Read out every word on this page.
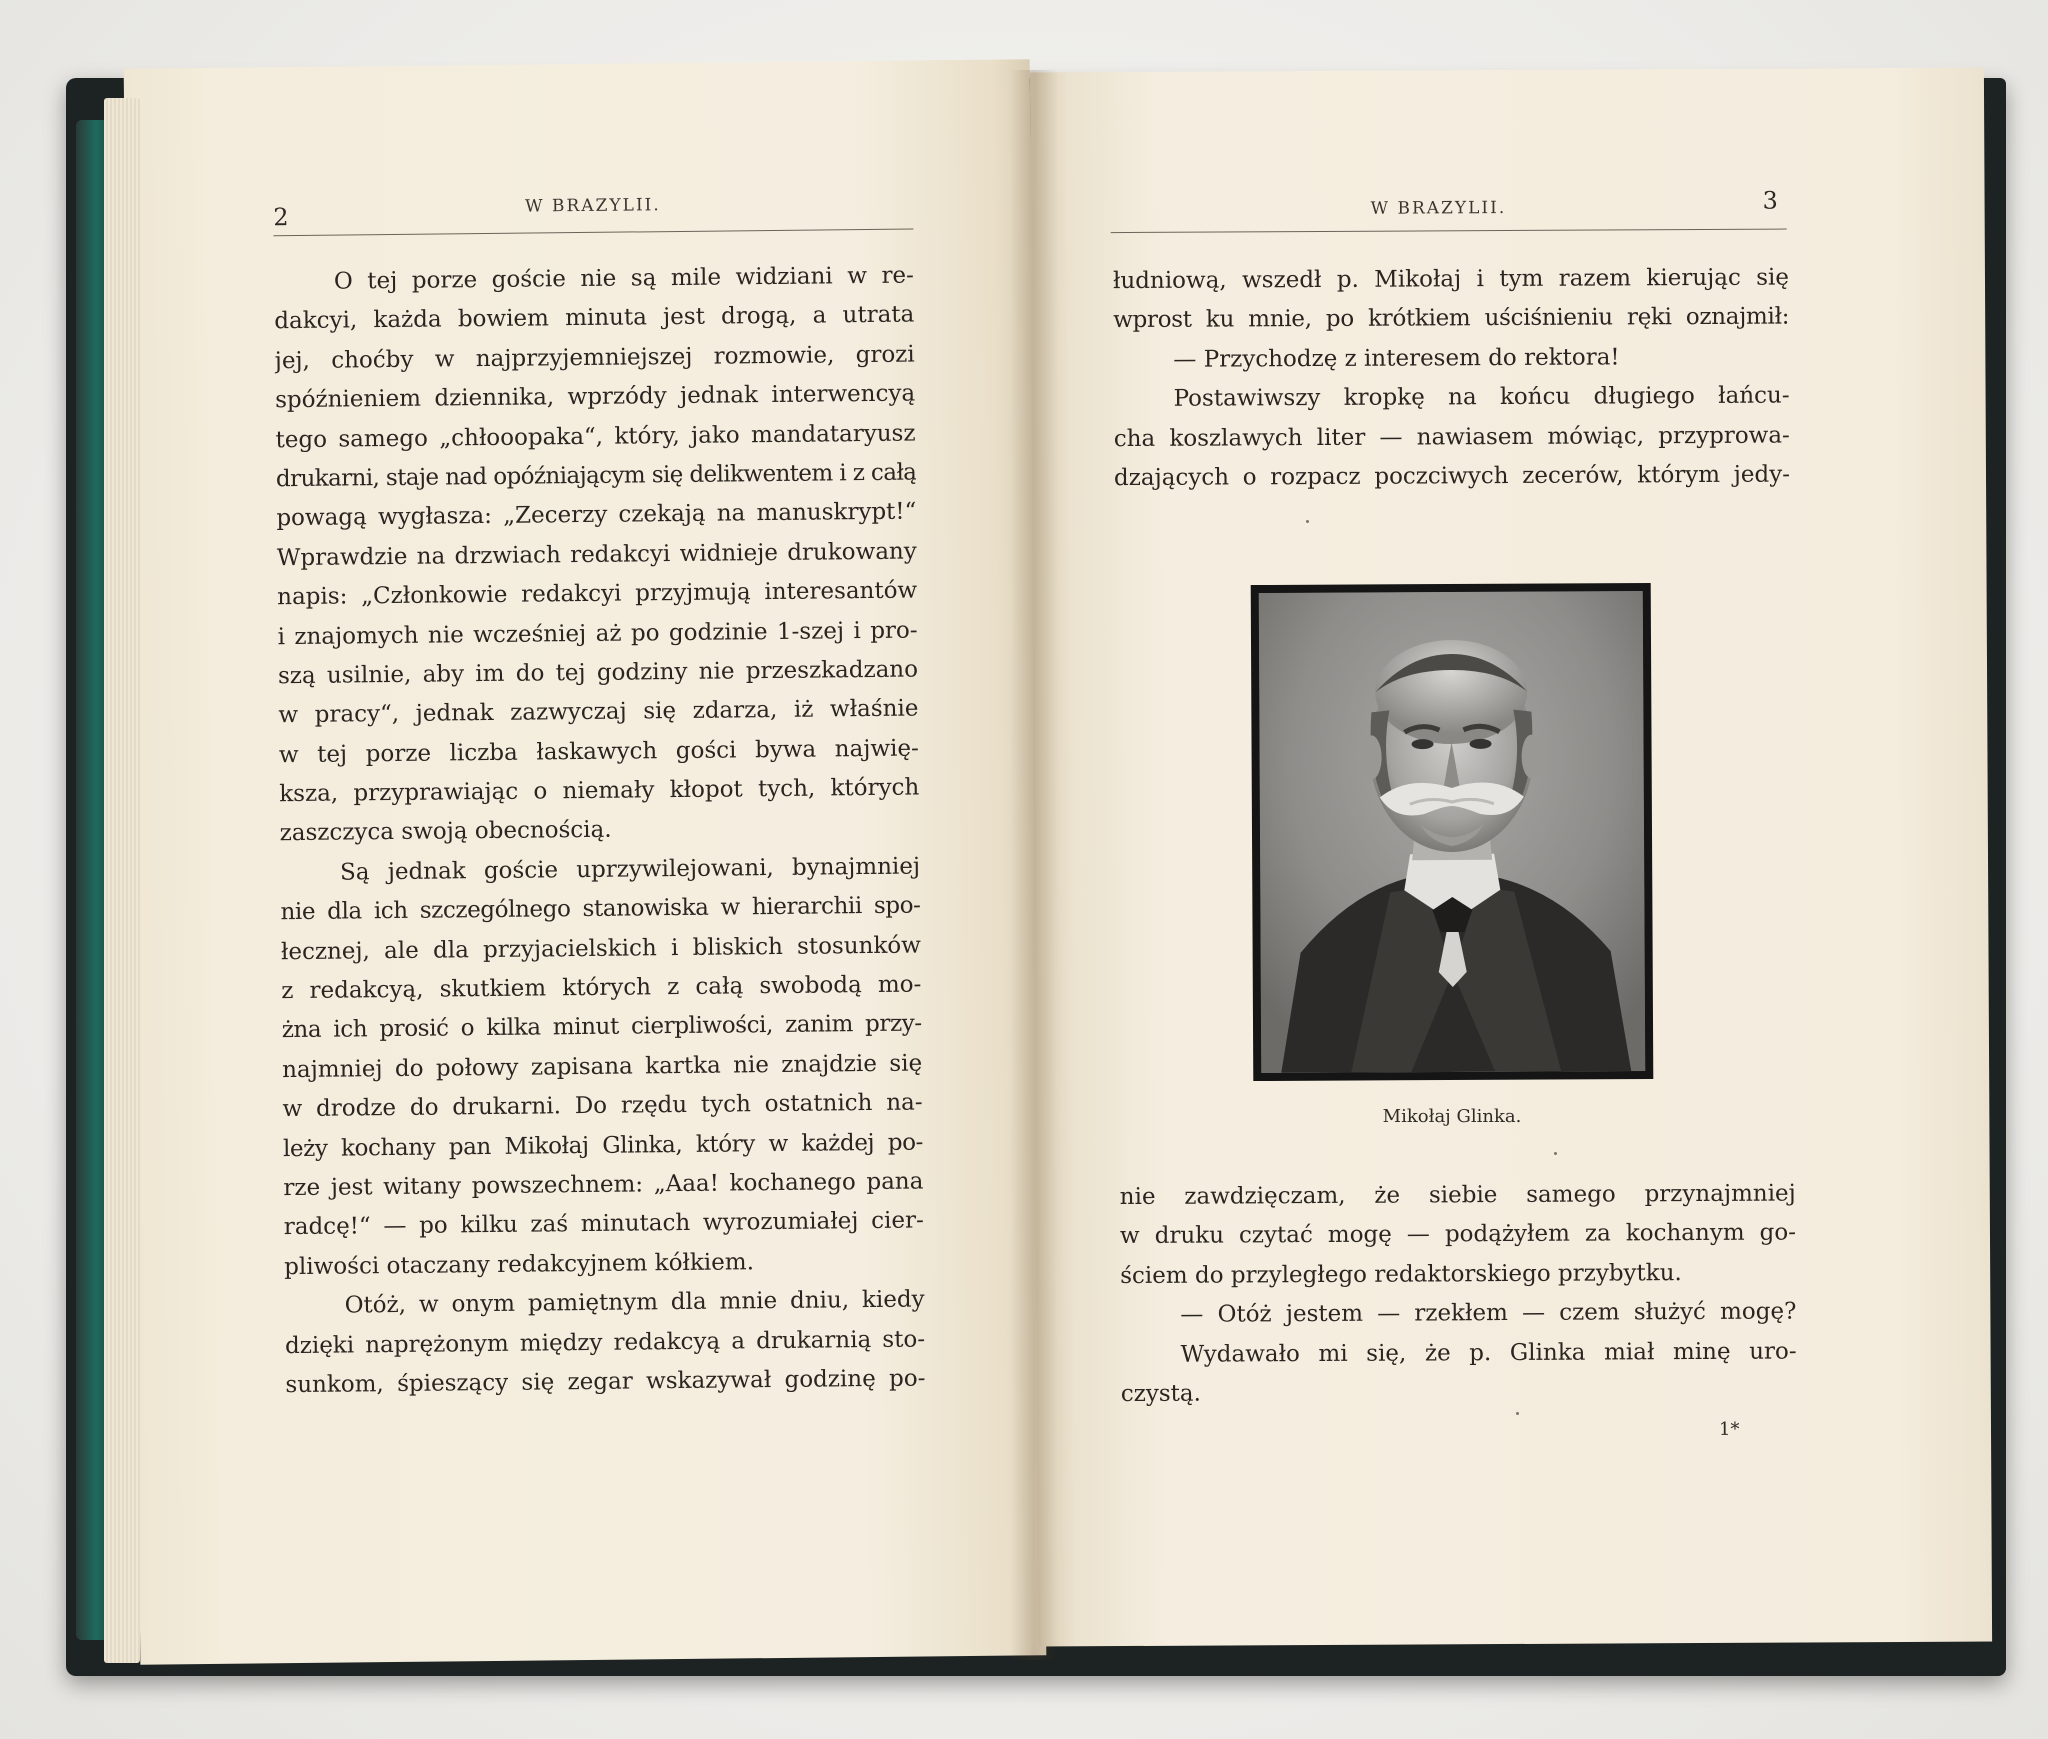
2	W BRAZYLII.
O tej porze goście nie są mile widziani w re-
dakcyi, każda bowiem minuta jest drogą, a utrata
jej, choćby w najprzyjemniejszej rozmowie, grozi
spóźnieniem dziennika, wprzódy jednak interwencyą
tego samego „chłooopaka“, który, jako mandataryusz
drukarni, staje nad opóźniającym się delikwentem i z całą
powagą wygłasza: „Zecerzy czekają na manuskrypt!“
Wprawdzie na drzwiach redakcyi widnieje drukowany
napis: „Członkowie redakcyi przyjmują interesantów
i znajomych nie wcześniej aż po godzinie 1-szej i pro-
szą usilnie, aby im do tej godziny nie przeszkadzano
w pracy“, jednak zazwyczaj się zdarza, iż właśnie
w tej porze liczba łaskawych gości bywa najwię-
ksza, przyprawiając o niemały kłopot tych, których
zaszczyca swoją obecnością.
Są jednak goście uprzywilejowani, bynajmniej
nie dla ich szczególnego stanowiska w hierarchii spo-
łecznej, ale dla przyjacielskich i bliskich stosunków
z redakcyą, skutkiem których z całą swobodą mo-
żna ich prosić o kilka minut cierpliwości, zanim przy-
najmniej do połowy zapisana kartka nie znajdzie się
w drodze do drukarni. Do rzędu tych ostatnich na-
leży kochany pan Mikołaj Glinka, który w każdej po-
rze jest witany powszechnem: „Aaa! kochanego pana
radcę!“ — po kilku zaś minutach wyrozumiałej cier-
pliwości otaczany redakcyjnem kółkiem.
Otóż, w onym pamiętnym dla mnie dniu, kiedy
dzięki naprężonym między redakcyą a drukarnią sto-
sunkom, śpieszący się zegar wskazywał godzinę po-
W BRAZYLII.	3
łudniową, wszedł p. Mikołaj i tym razem kierując się
wprost ku mnie, po krótkiem uściśnieniu ręki oznajmił:
— Przychodzę z interesem do rektora!
Postawiwszy kropkę na końcu długiego łańcu-
cha koszlawych liter — nawiasem mówiąc, przyprowa-
dzających o rozpacz poczciwych zecerów, którym jedy-
nie zawdzięczam, że siebie samego przynajmniej
w druku czytać mogę — podążyłem za kochanym go-
ściem do przyległego redaktorskiego przybytku.
— Otóż jestem — rzekłem — czem służyć mogę?
Wydawało mi się, że p. Glinka miał minę uro-
czystą.
1*
Mikołaj Glinka.
